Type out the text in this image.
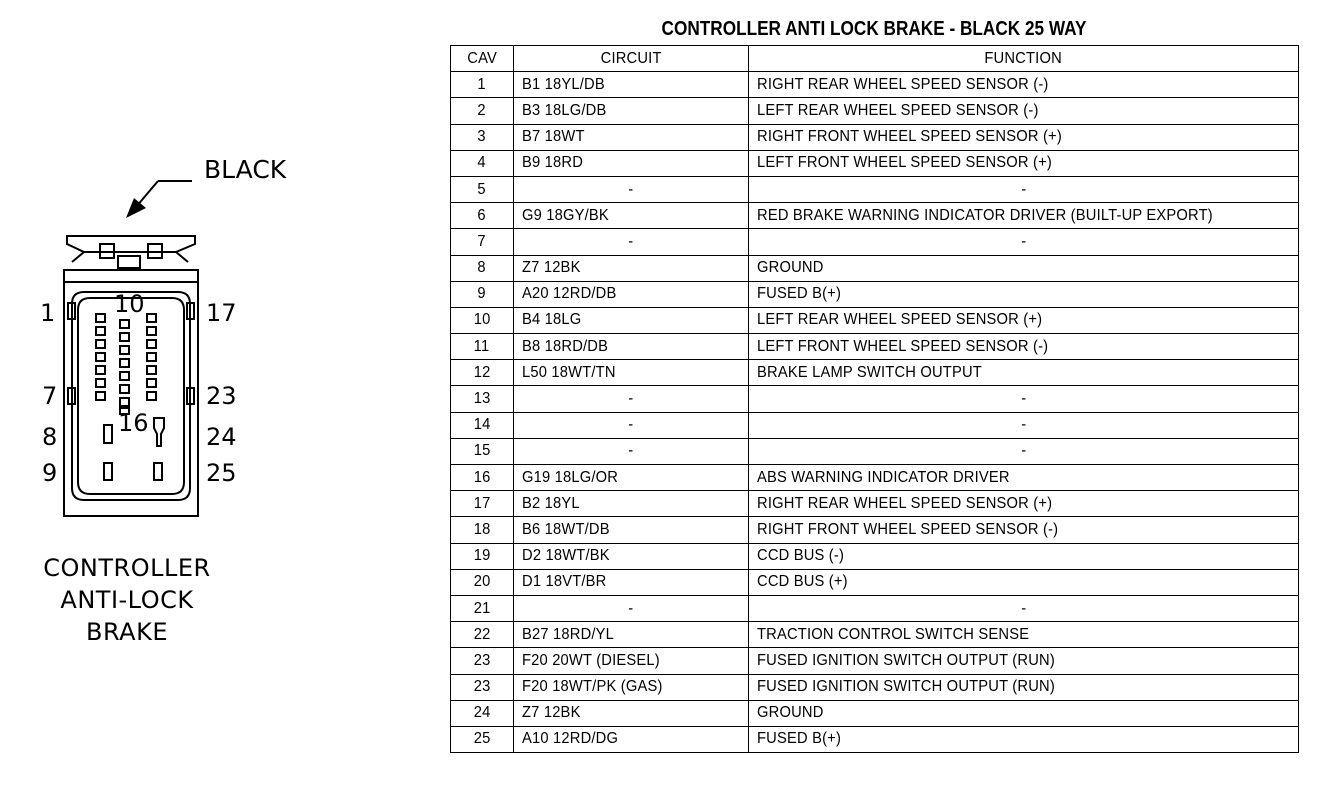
BLACK
1
7
8
9
10
16
17
23
24
25
CONTROLLER
ANTI-LOCK
BRAKE
CONTROLLER ANTI LOCK BRAKE - BLACK 25 WAY
CAV	CIRCUIT	FUNCTION
1	B1 18YL/DB	RIGHT REAR WHEEL SPEED SENSOR (-)
2	B3 18LG/DB	LEFT REAR WHEEL SPEED SENSOR (-)
3	B7 18WT	RIGHT FRONT WHEEL SPEED SENSOR (+)
4	B9 18RD	LEFT FRONT WHEEL SPEED SENSOR (+)
5	-	-
6	G9 18GY/BK	RED BRAKE WARNING INDICATOR DRIVER (BUILT-UP EXPORT)
7	-	-
8	Z7 12BK	GROUND
9	A20 12RD/DB	FUSED B(+)
10	B4 18LG	LEFT REAR WHEEL SPEED SENSOR (+)
11	B8 18RD/DB	LEFT FRONT WHEEL SPEED SENSOR (-)
12	L50 18WT/TN	BRAKE LAMP SWITCH OUTPUT
13	-	-
14	-	-
15	-	-
16	G19 18LG/OR	ABS WARNING INDICATOR DRIVER
17	B2 18YL	RIGHT REAR WHEEL SPEED SENSOR (+)
18	B6 18WT/DB	RIGHT FRONT WHEEL SPEED SENSOR (-)
19	D2 18WT/BK	CCD BUS (-)
20	D1 18VT/BR	CCD BUS (+)
21	-	-
22	B27 18RD/YL	TRACTION CONTROL SWITCH SENSE
23	F20 20WT (DIESEL)	FUSED IGNITION SWITCH OUTPUT (RUN)
23	F20 18WT/PK (GAS)	FUSED IGNITION SWITCH OUTPUT (RUN)
24	Z7 12BK	GROUND
25	A10 12RD/DG	FUSED B(+)
